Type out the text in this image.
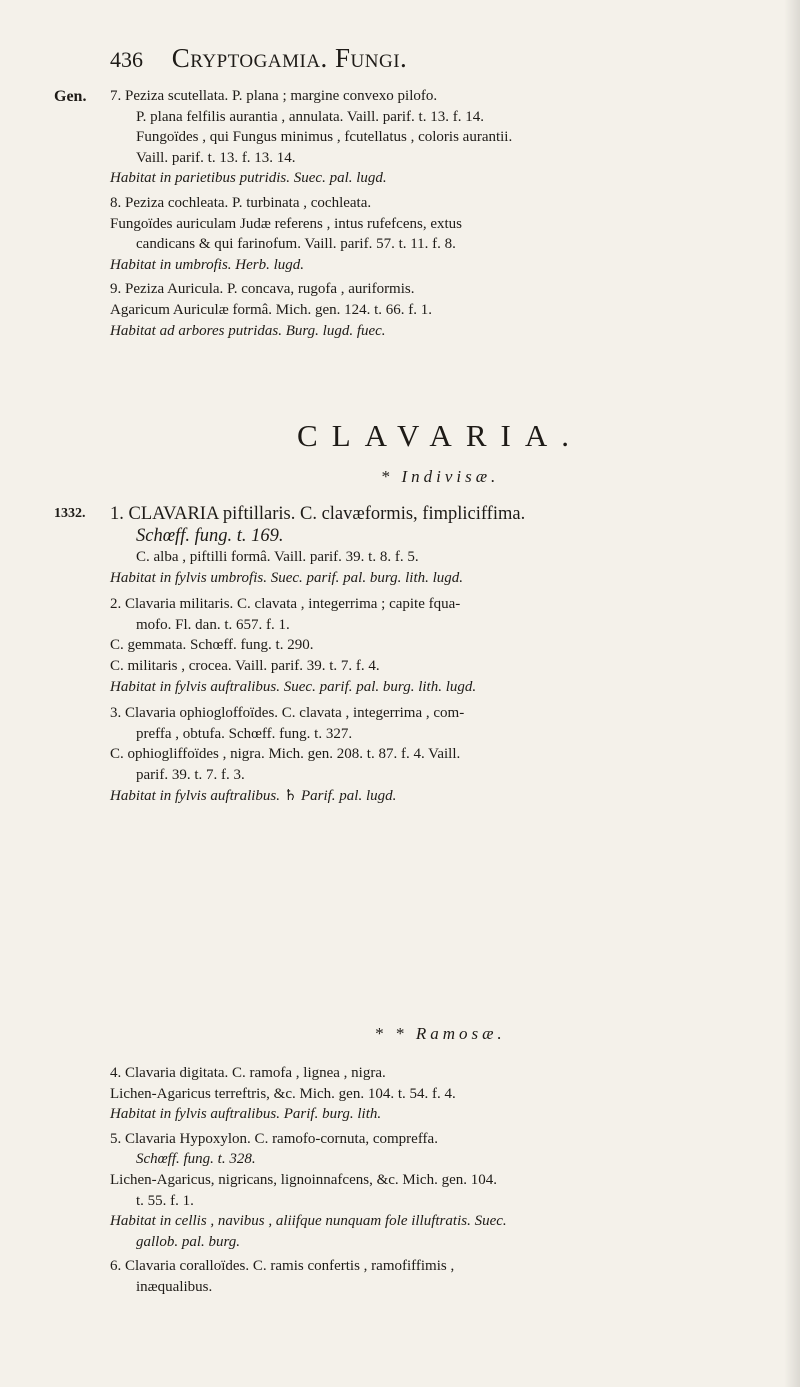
436 Cryptogamia. Fungi.
Gen. 7. Peziza scutellata. P. plana ; margine convexo pilofo.
P. plana felfilis aurantia , annulata. Vaill. parif. t. 13. f. 14.
Fungoïdes , qui Fungus minimus , fcutellatus , coloris aurantii.
Vaill. parif. t. 13. f. 13. 14.
Habitat in parietibus putridis. Suec. pal. lugd.
8. Peziza cochleata. P. turbinata , cochleata.
Fungoïdes auriculam Judæ referens , intus rufefcens, extus
candicans & qui farinofum. Vaill. parif. 57. t. 11. f. 8.
Habitat in umbrofis. Herb. lugd.
9. Peziza Auricula. P. concava, rugofa , auriformis.
Agaricum Auriculæ formâ. Mich. gen. 124. t. 66. f. 1.
Habitat ad arbores putridas. Burg. lugd. fuec.
CLAVARIA.
* Indivisæ.
1332. 1. CLAVARIA piftillaris. C. clavæformis, fimpliciffima.
Schœff. fung. t. 169.
C. alba , piftilli formâ. Vaill. parif. 39. t. 8. f. 5.
Habitat in fylvis umbrofis. Suec. parif. pal. burg. lith. lugd.
2. Clavaria militaris. C. clavata , integerrima ; capite fqua-
mofo. Fl. dan. t. 657. f. 1.
C. gemmata. Schœff. fung. t. 290.
C. militaris , crocea. Vaill. parif. 39. t. 7. f. 4.
Habitat in fylvis auftralibus. Suec. parif. pal. burg. lith. lugd.
3. Clavaria ophiogloffoïdes. C. clavata , integerrima , com-
preffa , obtufa. Schœff. fung. t. 327.
C. ophiogliffoïdes , nigra. Mich. gen. 208. t. 87. f. 4. Vaill.
parif. 39. t. 7. f. 3.
Habitat in fylvis auftralibus. ♄ Parif. pal. lugd.
* * Ramosæ.
4. Clavaria digitata. C. ramofa , lignea , nigra.
Lichen-Agaricus terreftris, &c. Mich. gen. 104. t. 54. f. 4.
Habitat in fylvis auftralibus. Parif. burg. lith.
5. Clavaria Hypoxylon. C. ramofo-cornuta, compreffa.
Schœff. fung. t. 328.
Lichen-Agaricus, nigricans, lignoinnafcens, &c. Mich. gen. 104.
t. 55. f. 1.
Habitat in cellis , navibus , aliifque nunquam fole illuftratis. Suec.
gallob. pal. burg.
6. Clavaria coralloïdes. C. ramis confertis , ramofiffimis ,
inæqualibus.
